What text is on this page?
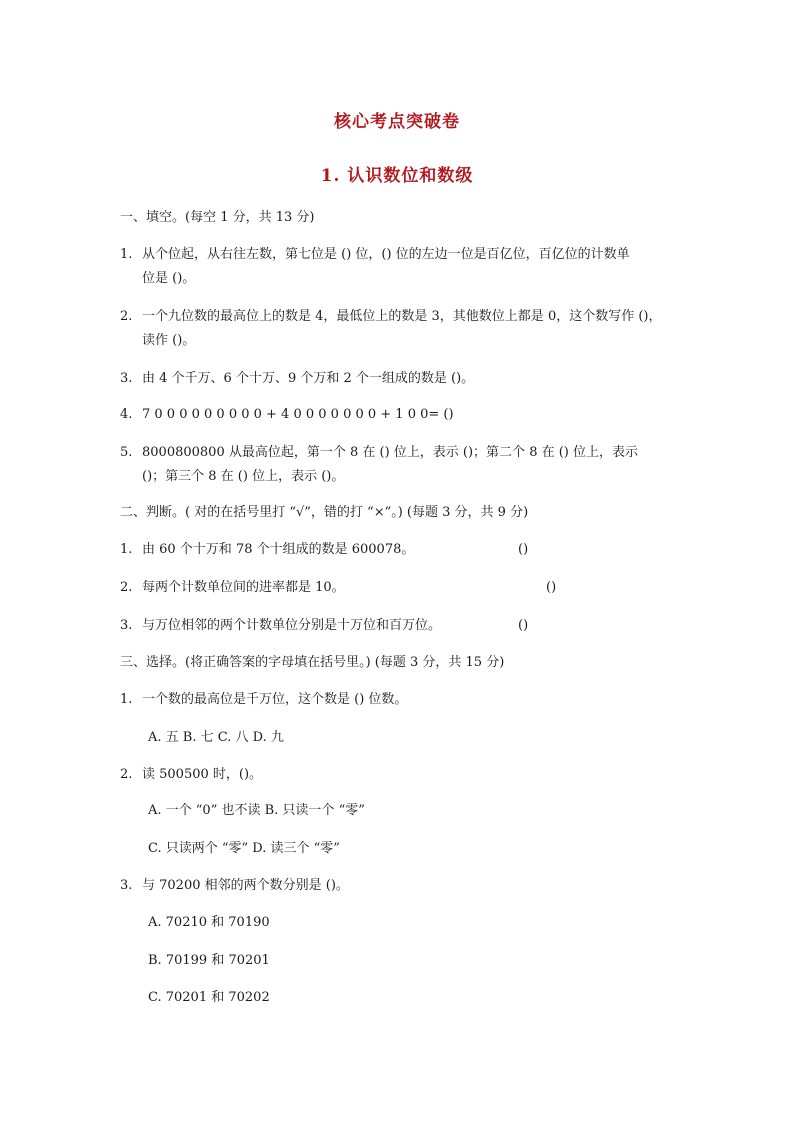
核心考点突破卷
1. 认识数位和数级

一、填空。(每空 1 分，共 13 分)

1. 从个位起，从右往左数，第七位是 () 位，() 位的左边一位是百亿位，百亿位的计数单

位是 ()。

2. 一个九位数的最高位上的数是 4，最低位上的数是 3，其他数位上都是 0，这个数写作 ()，

读作 ()。

3. 由 4 个千万、6 个十万、9 个万和 2 个一组成的数是 ()。

4. 7 0 0 0 0 0 0 0 0 0 + 4 0 0 0 0 0 0 0 + 1 0 0= ()

5. 8000800800 从最高位起，第一个 8 在 () 位上，表示 ()；第二个 8 在 () 位上，表示

()；第三个 8 在 () 位上，表示 ()。

二、判断。( 对的在括号里打 “√”，错的打 “×”。) (每题 3 分，共 9 分)

1. 由 60 个十万和 78 个十组成的数是 600078。	()

2. 每两个计数单位间的进率都是 10。	()

3. 与万位相邻的两个计数单位分别是十万位和百万位。	()

三、选择。(将正确答案的字母填在括号里。) (每题 3 分，共 15 分)

1. 一个数的最高位是千万位，这个数是 () 位数。

A. 五 B. 七 C. 八 D. 九

2. 读 500500 时，()。

A. 一个 “0” 也不读 B. 只读一个 “零”

C. 只读两个 “零” D. 读三个 “零”

3. 与 70200 相邻的两个数分别是 ()。

A. 70210 和 70190

B. 70199 和 70201

C. 70201 和 70202
